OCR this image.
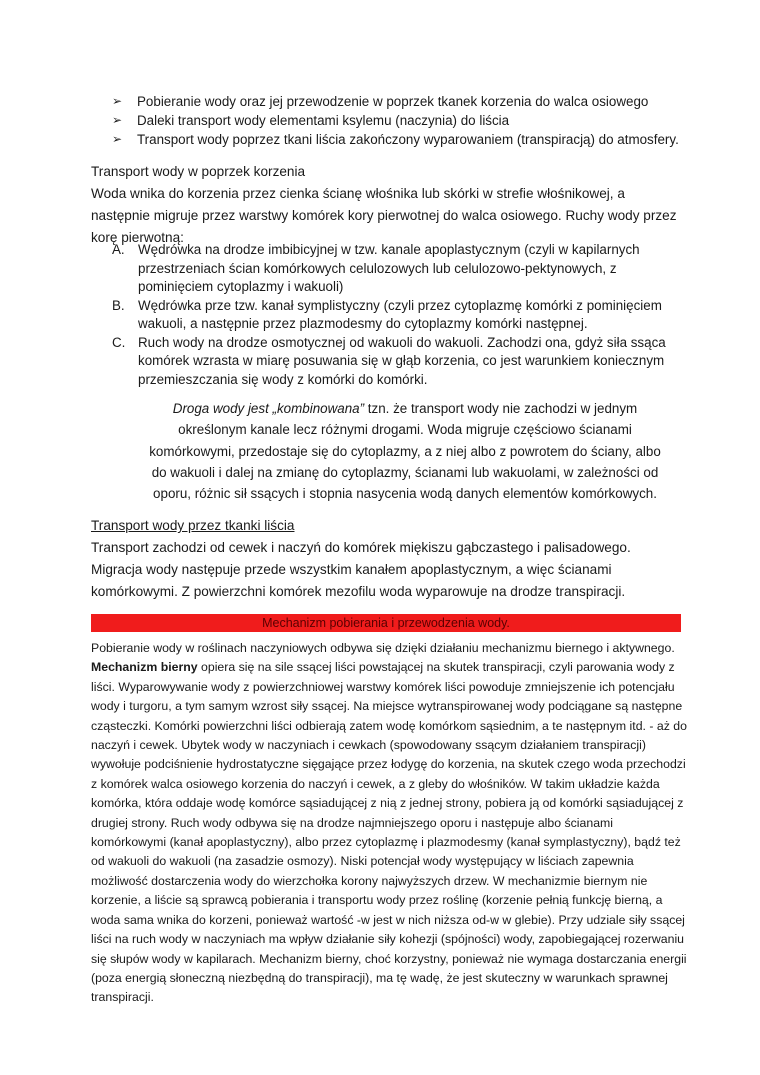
➢	Pobieranie wody oraz jej przewodzenie w poprzek tkanek korzenia do walca osiowego
➢	Daleki transport wody elementami ksylemu (naczynia) do liścia
➢	Transport wody poprzez tkani liścia zakończony wyparowaniem (transpiracją) do atmosfery.
Transport wody w poprzek korzenia
Woda wnika do korzenia przez cienka ścianę włośnika lub skórki w strefie włośnikowej, a następnie migruje przez warstwy komórek kory pierwotnej do walca osiowego. Ruchy wody przez korę pierwotną:
A. Wędrówka na drodze imbibicyjnej w tzw. kanale apoplastycznym (czyli w kapilarnych przestrzeniach ścian komórkowych celulozowych lub celulozowo-pektynowych, z pominięciem cytoplazmy i wakuoli)
B. Wędrówka prze tzw. kanał symplistyczny (czyli przez cytoplazmę komórki z pominięciem wakuoli, a następnie przez plazmodesmy do cytoplazmy komórki następnej.
C. Ruch wody na drodze osmotycznej od wakuoli do wakuoli. Zachodzi ona, gdyż siła ssąca komórek wzrasta w miarę posuwania się w głąb korzenia, co jest warunkiem koniecznym przemieszczania się wody z komórki do komórki.
Droga wody jest „kombinowana” tzn. że transport wody nie zachodzi w jednym określonym kanale lecz różnymi drogami. Woda migruje częściowo ścianami komórkowymi, przedostaje się do cytoplazmy, a z niej albo z powrotem do ściany, albo do wakuoli i dalej na zmianę do cytoplazmy, ścianami lub wakuolami, w zależności od oporu, różnic sił ssących i stopnia nasycenia wodą danych elementów komórkowych.
Transport wody przez tkanki liścia
Transport zachodzi od cewek i naczyń do komórek miękiszu gąbczastego i palisadowego. Migracja wody następuje przede wszystkim kanałem apoplastycznym, a więc ścianami komórkowymi. Z powierzchni komórek mezofilu woda wyparowuje na drodze transpiracji.
Mechanizm pobierania i przewodzenia wody.
Pobieranie wody w roślinach naczyniowych odbywa się dzięki działaniu mechanizmu biernego i aktywnego. Mechanizm bierny opiera się na sile ssącej liści powstającej na skutek transpiracji, czyli parowania wody z liści. Wyparowywanie wody z powierzchniowej warstwy komórek liści powoduje zmniejszenie ich potencjału wody i turgoru, a tym samym wzrost siły ssącej. Na miejsce wytranspirowanej wody podciągane są następne cząsteczki. Komórki powierzchni liści odbierają zatem wodę komórkom sąsiednim, a te następnym itd. - aż do naczyń i cewek. Ubytek wody w naczyniach i cewkach (spowodowany ssącym działaniem transpiracji) wywołuje podciśnienie hydrostatyczne sięgające przez łodygę do korzenia, na skutek czego woda przechodzi z komórek walca osiowego korzenia do naczyń i cewek, a z gleby do włośników. W takim układzie każda komórka, która oddaje wodę komórce sąsiadującej z nią z jednej strony, pobiera ją od komórki sąsiadującej z drugiej strony. Ruch wody odbywa się na drodze najmniejszego oporu i następuje albo ścianami komórkowymi (kanał apoplastyczny), albo przez cytoplazmę i plazmodesmy (kanał symplastyczny), bądź też od wakuoli do wakuoli (na zasadzie osmozy). Niski potencjał wody występujący w liściach zapewnia możliwość dostarczenia wody do wierzchołka korony najwyższych drzew. W mechanizmie biernym nie korzenie, a liście są sprawcą pobierania i transportu wody przez roślinę (korzenie pełnią funkcję bierną, a woda sama wnika do korzeni, ponieważ wartość -w jest w nich niższa od-w w glebie). Przy udziale siły ssącej liści na ruch wody w naczyniach ma wpływ działanie siły kohezji (spójności) wody, zapobiegającej rozerwaniu się słupów wody w kapilarach. Mechanizm bierny, choć korzystny, ponieważ nie wymaga dostarczania energii (poza energią słoneczną niezbędną do transpiracji), ma tę wadę, że jest skuteczny w warunkach sprawnej transpiracji.
